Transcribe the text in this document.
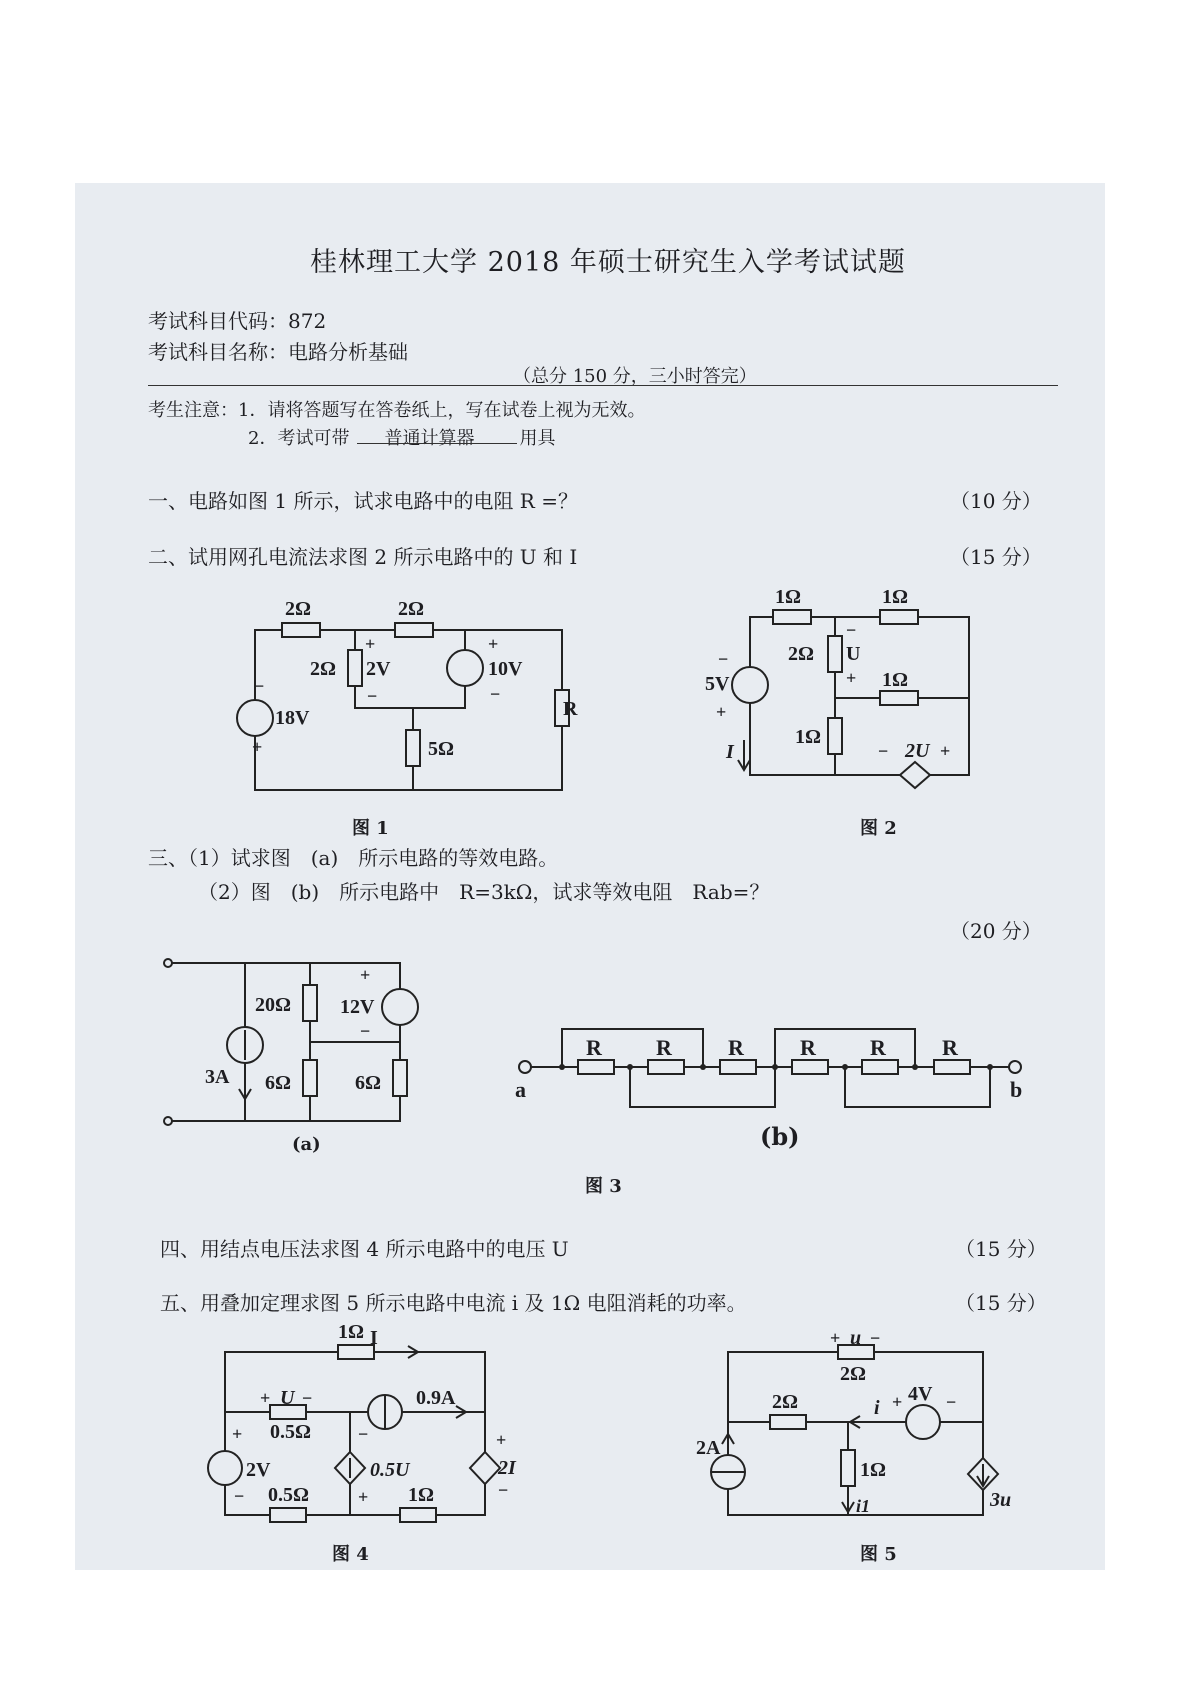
桂林理工大学 2018 年硕士研究生入学考试试题
考试科目代码：872
考试科目名称：电路分析基础
（总分 150 分，三小时答完）
考生注意：1．请将答题写在答卷纸上，写在试卷上视为无效。
2．考试可带 普通计算器	用具
一、电路如图 1 所示，试求电路中的电阻 R =？	（10 分）
二、试用网孔电流法求图 2 所示电路中的 U 和 I	（15 分）
2Ω	2Ω
2Ω 2V
+
−
10V
+
−
18V
−
+	5Ω
R
图 1
1Ω	1Ω
2Ω U
−
+ 1Ω
1Ω
5V
−
+
I	2U
−	+
图 2
三、（1）试求图　(a)　所示电路的等效电路。
（2）图　(b)　所示电路中　R=3kΩ，试求等效电阻　Rab=？
（20 分）
20Ω 12V
+
−
3A 6Ω	6Ω
(a)
R R	R	R R	R
a	b
(b)
图 3
四、用结点电压法求图 4 所示电路中的电压 U	（15 分）
五、用叠加定理求图 5 所示电路中电流 i 及 1Ω 电阻消耗的功率。	（15 分）
1Ω I
+ U −
0.5Ω
0.9A
+
2V
−
−
0.5U
+
+
2I
−
0.5Ω	1Ω
图 4
+ u −
2Ω
2Ω	i + 4V −
2A
1Ω
i1	3u
图 5
